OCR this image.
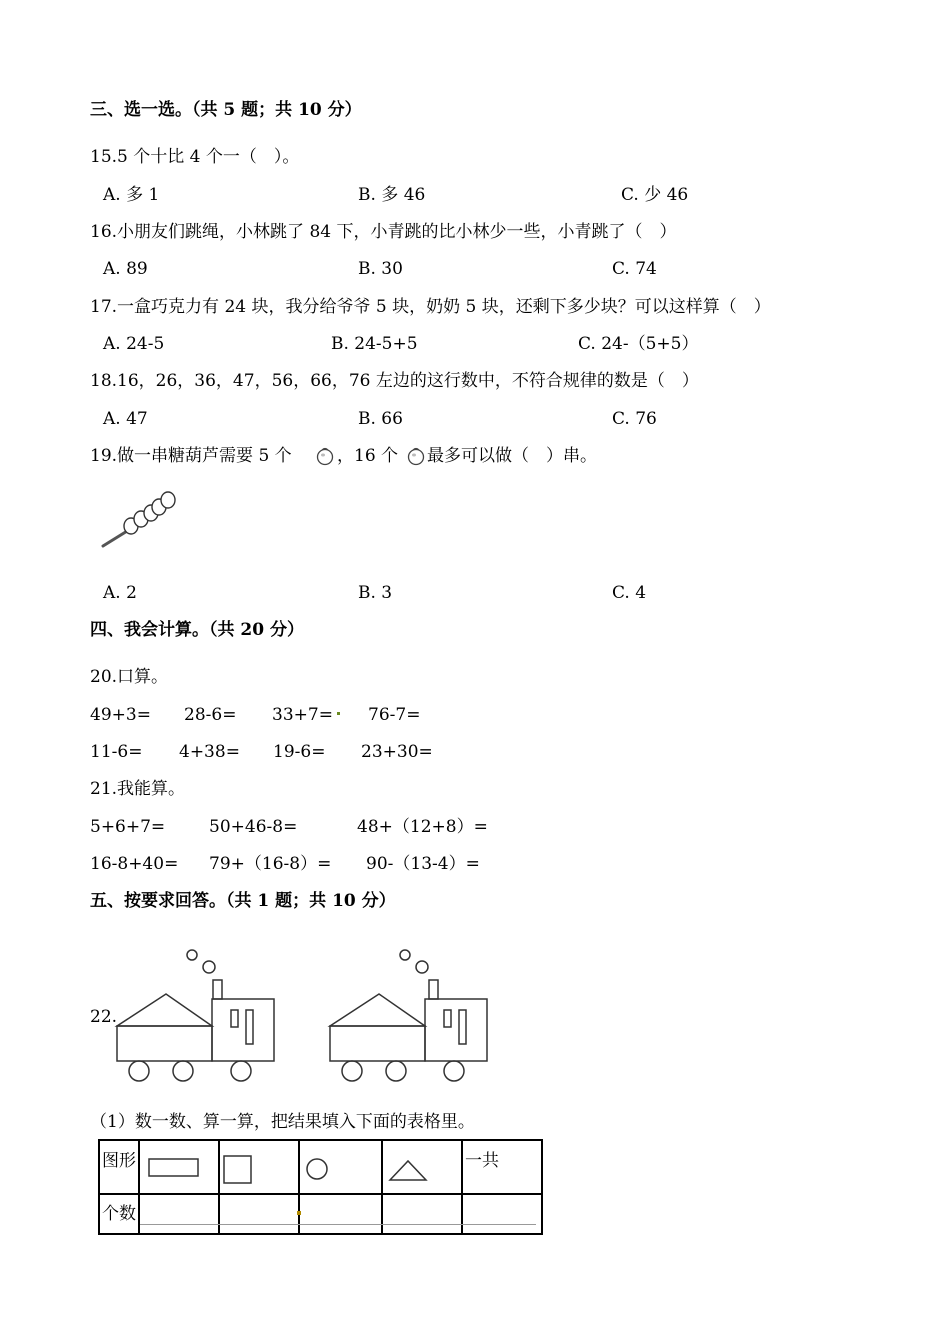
三、选一选。（共 5 题；共 10 分）
15.5 个十比 4 个一（　）。
A. 多 1	B. 多 46	C. 少 46
16.小朋友们跳绳，小林跳了 84 下，小青跳的比小林少一些，小青跳了（　）
A. 89	B. 30	C. 74
17.一盒巧克力有 24 块，我分给爷爷 5 块，奶奶 5 块，还剩下多少块？可以这样算（　）
A. 24-5	B. 24-5+5	C. 24-（5+5）
18.16，26，36，47，56，66，76 左边的这行数中，不符合规律的数是（　）
A. 47	B. 66	C. 76
19.做一串糖葫芦需要 5 个	，16 个 最多可以做（　）串。
A. 2	B. 3	C. 4
四、我会计算。（共 20 分）
20.口算。
49+3= 28-6= 33+7= 76-7=
11-6= 4+38= 19-6= 23+30=
21.我能算。
5+6+7=	50+46-8=	48+（12+8）=
16-8+40= 79+（16-8）= 90-（13-4）=
五、按要求回答。（共 1 题；共 10 分）
22.
（1）数一数、算一算，把结果填入下面的表格里。
图形					一共

个数					
